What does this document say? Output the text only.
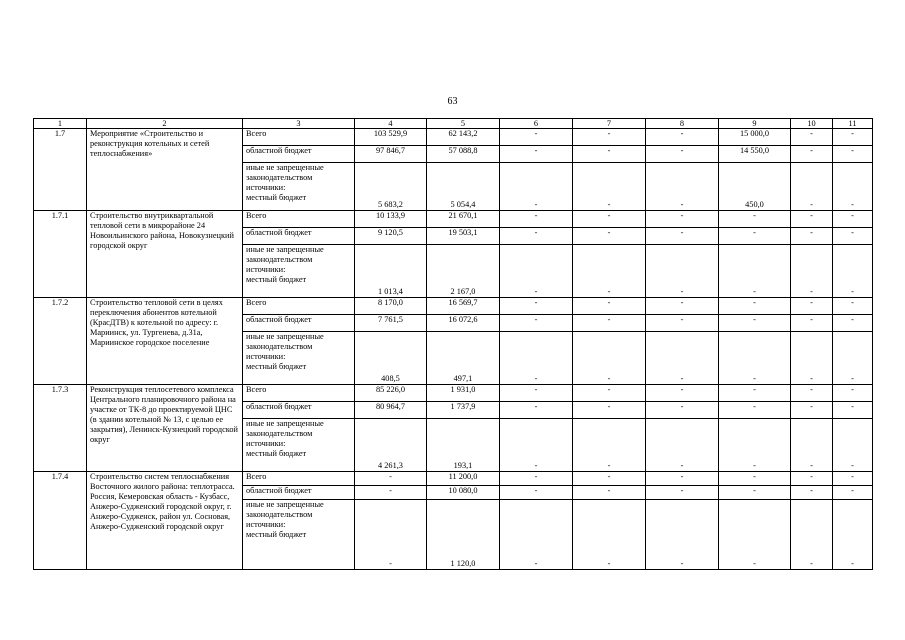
63
1	2	3	4	5	6	7	8	9	10	11
1.7	Мероприятие «Строительство и реконструкция котельных и сетей теплоснабжения»	Всего	103 529,9	62 143,2	-	-	-	15 000,0	-	-
		областной бюджет	97 846,7	57 088,8	-	-	-	14 550,0	-	-

		иные не запрещенные
законодательством
источники:
местный бюджет	5 683,2	5 054,4	-	-	-	450,0	-	-
1.7.1	Строительство внутриквартальной тепловой сети в микрорайоне 24 Новоильинского района, Новокузнецкий городской округ	Всего	10 133,9	21 670,1	-	-	-	-	-	-
		областной бюджет	9 120,5	19 503,1	-	-	-	-	-	-

		иные не запрещенные
законодательством
источники:
местный бюджет	1 013,4	2 167,0	-	-	-	-	-	-
1.7.2	Строительство тепловой сети в целях переключения абонентов котельной (КрасДТВ) к котельной по адресу: г. Мариинск, ул. Тургенева, д.31а, Мариинское городское поселение	Всего	8 170,0	16 569,7	-	-	-	-	-	-
		областной бюджет	7 761,5	16 072,6	-	-	-	-	-	-

		иные не запрещенные
законодательством
источники:
местный бюджет	408,5	497,1	-	-	-	-	-	-
1.7.3	Реконструкция теплосетевого комплекса Центрального планировочного района на участке от ТК-8 до проектируемой ЦНС (в здании котельной № 13, с целью ее закрытия), Ленинск-Кузнецкий городской округ	Всего	85 226,0	1 931,0	-	-	-	-	-	-
		областной бюджет	80 964,7	1 737,9	-	-	-	-	-	-

		иные не запрещенные
законодательством
источники:
местный бюджет	4 261,3	193,1	-	-	-	-	-	-
1.7.4	Строительство систем теплоснабжения Восточного жилого района: теплотрасса. Россия, Кемеровская область - Кузбасс, Анжеро-Судженский городской округ, г. Анжеро-Судженск, район ул. Сосновая, Анжеро-Судженский городской округ	Всего	-	11 200,0	-	-	-	-	-	-
		областной бюджет	-	10 080,0	-	-	-	-	-	-

		иные не запрещенные
законодательством
источники:
местный бюджет	-	1 120,0	-	-	-	-	-	-
